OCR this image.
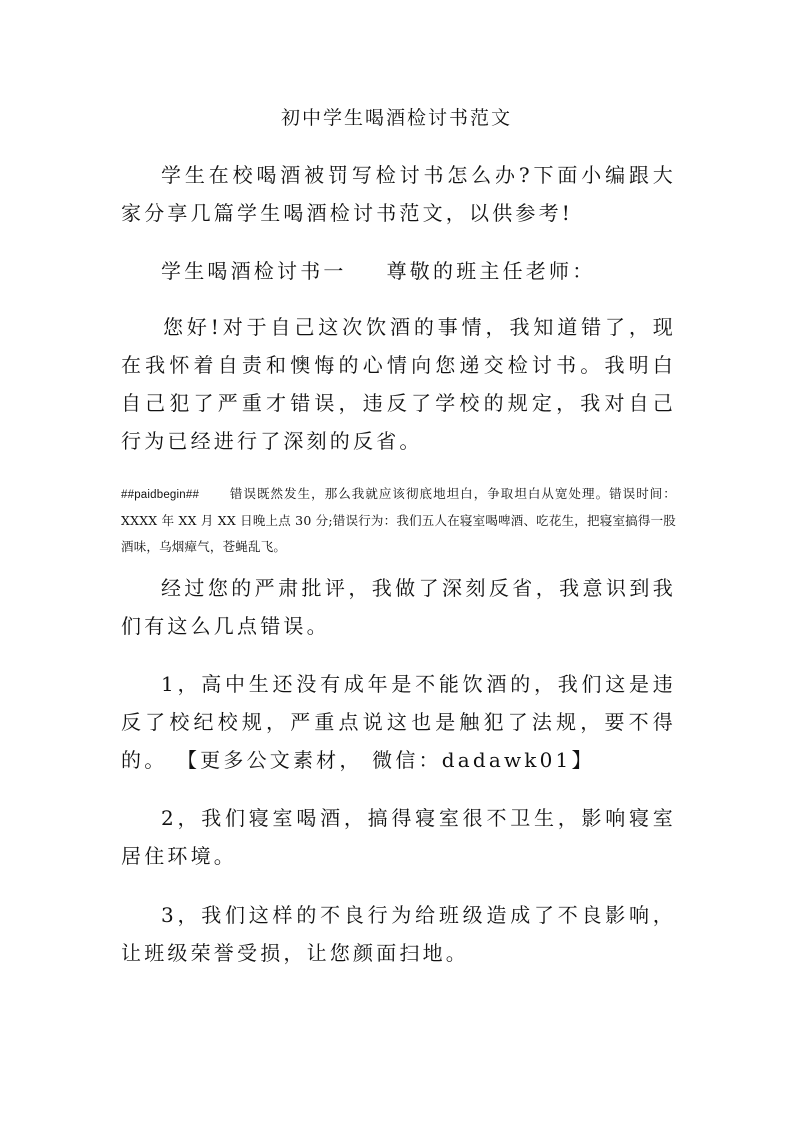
初中学生喝酒检讨书范文

学生在校喝酒被罚写检讨书怎么办?下面小编跟大家分享几篇学生喝酒检讨书范文，以供参考!

学生喝酒检讨书一 尊敬的班主任老师：

您好!对于自己这次饮酒的事情，我知道错了，现在我怀着自责和懊悔的心情向您递交检讨书。我明白自己犯了严重才错误，违反了学校的规定，我对自己行为已经进行了深刻的反省。

##paidbegin## 错误既然发生，那么我就应该彻底地坦白，争取坦白从宽处理。错误时间：XXXX 年 XX 月 XX 日晚上点 30 分;错误行为：我们五人在寝室喝啤酒、吃花生，把寝室搞得一股酒味，乌烟瘴气，苍蝇乱飞。

经过您的严肃批评，我做了深刻反省，我意识到我们有这么几点错误。

1，高中生还没有成年是不能饮酒的，我们这是违反了校纪校规，严重点说这也是触犯了法规，要不得的。 【更多公文素材， 微信：dadawk01】

2，我们寝室喝酒，搞得寝室很不卫生，影响寝室居住环境。

3，我们这样的不良行为给班级造成了不良影响，让班级荣誉受损，让您颜面扫地。
